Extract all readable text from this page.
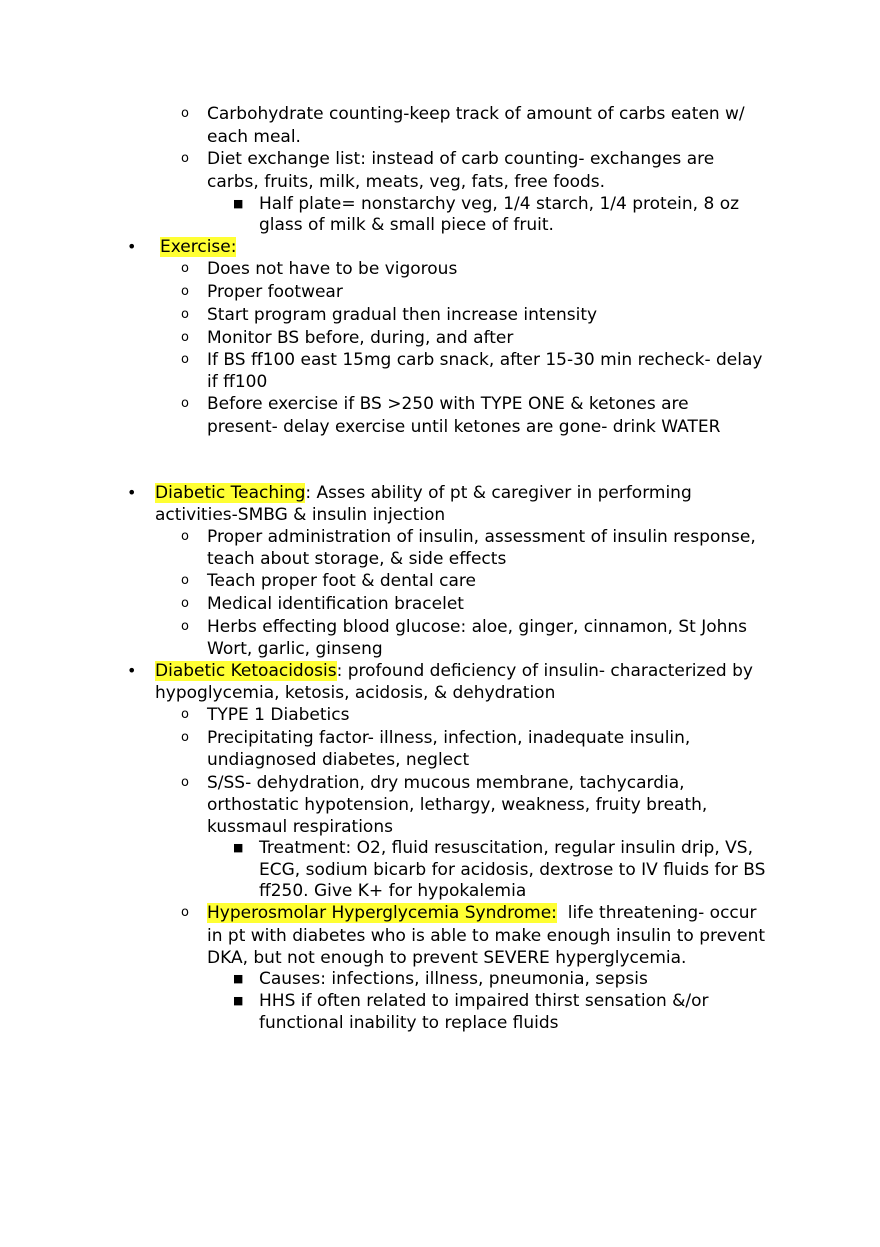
o Carbohydrate counting-keep track of amount of carbs eaten w/
each meal.
o Diet exchange list: instead of carb counting- exchanges are
carbs, fruits, milk, meats, veg, fats, free foods.
■ Half plate= nonstarchy veg, 1/4 starch, 1/4 protein, 8 oz
glass of milk & small piece of fruit.
• Exercise:
o Does not have to be vigorous
o Proper footwear
o Start program gradual then increase intensity
o Monitor BS before, during, and after
o If BS ff100 east 15mg carb snack, after 15-30 min recheck- delay
if ff100
o Before exercise if BS >250 with TYPE ONE & ketones are
present- delay exercise until ketones are gone- drink WATER
• Diabetic Teaching: Asses ability of pt & caregiver in performing
activities-SMBG & insulin injection
o Proper administration of insulin, assessment of insulin response,
teach about storage, & side effects
o Teach proper foot & dental care
o Medical identification bracelet
o Herbs effecting blood glucose: aloe, ginger, cinnamon, St Johns
Wort, garlic, ginseng
• Diabetic Ketoacidosis: profound deficiency of insulin- characterized by
hypoglycemia, ketosis, acidosis, & dehydration
o TYPE 1 Diabetics
o Precipitating factor- illness, infection, inadequate insulin,
undiagnosed diabetes, neglect
o S/SS- dehydration, dry mucous membrane, tachycardia,
orthostatic hypotension, lethargy, weakness, fruity breath,
kussmaul respirations
■ Treatment: O2, fluid resuscitation, regular insulin drip, VS,
ECG, sodium bicarb for acidosis, dextrose to IV fluids for BS
ff250. Give K+ for hypokalemia
o Hyperosmolar Hyperglycemia Syndrome:  life threatening- occur
in pt with diabetes who is able to make enough insulin to prevent
DKA, but not enough to prevent SEVERE hyperglycemia.
■ Causes: infections, illness, pneumonia, sepsis
■ HHS if often related to impaired thirst sensation &/or
functional inability to replace fluids
